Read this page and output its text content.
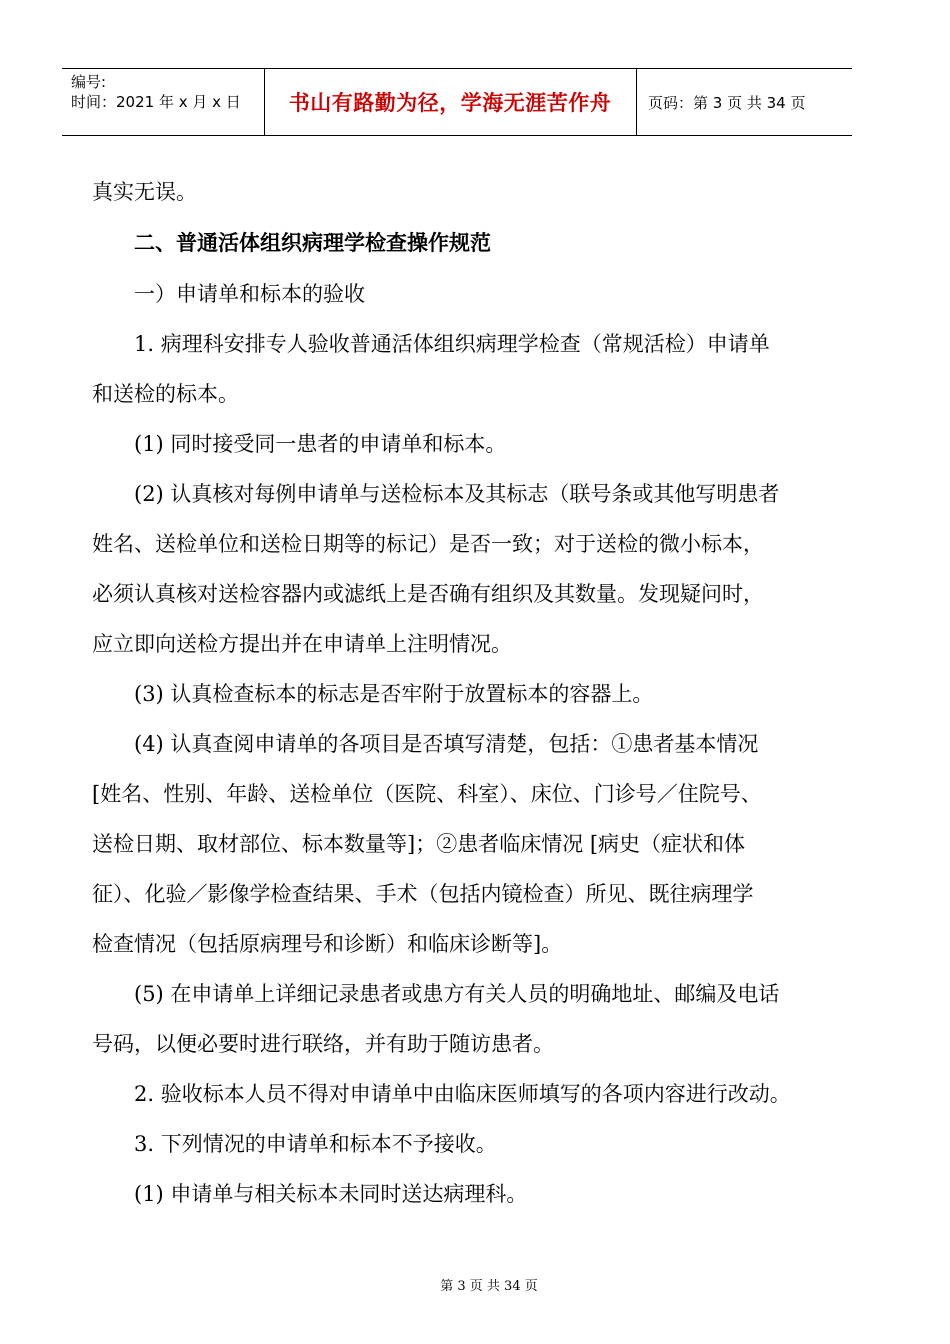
编号:
时间：2021 年 x 月 x 日	书山有路勤为径，学海无涯苦作舟	页码：第 3 页 共 34 页
真实无误。
二、普通活体组织病理学检查操作规范
一）申请单和标本的验收
1. 病理科安排专人验收普通活体组织病理学检查（常规活检）申请单
和送检的标本。
(1) 同时接受同一患者的申请单和标本。
(2) 认真核对每例申请单与送检标本及其标志（联号条或其他写明患者
姓名、送检单位和送检日期等的标记）是否一致；对于送检的微小标本，
必须认真核对送检容器内或滤纸上是否确有组织及其数量。发现疑问时，
应立即向送检方提出并在申请单上注明情况。
(3) 认真检查标本的标志是否牢附于放置标本的容器上。
(4) 认真查阅申请单的各项目是否填写清楚，包括：①患者基本情况
[姓名、性别、年龄、送检单位（医院、科室）、床位、门诊号／住院号、
送检日期、取材部位、标本数量等]；②患者临床情况 [病史（症状和体
征）、化验／影像学检查结果、手术（包括内镜检查）所见、既往病理学
检查情况（包括原病理号和诊断）和临床诊断等]。
(5) 在申请单上详细记录患者或患方有关人员的明确地址、邮编及电话
号码，以便必要时进行联络，并有助于随访患者。
2. 验收标本人员不得对申请单中由临床医师填写的各项内容进行改动。
3. 下列情况的申请单和标本不予接收。
(1) 申请单与相关标本未同时送达病理科。
第 3 页 共 34 页
